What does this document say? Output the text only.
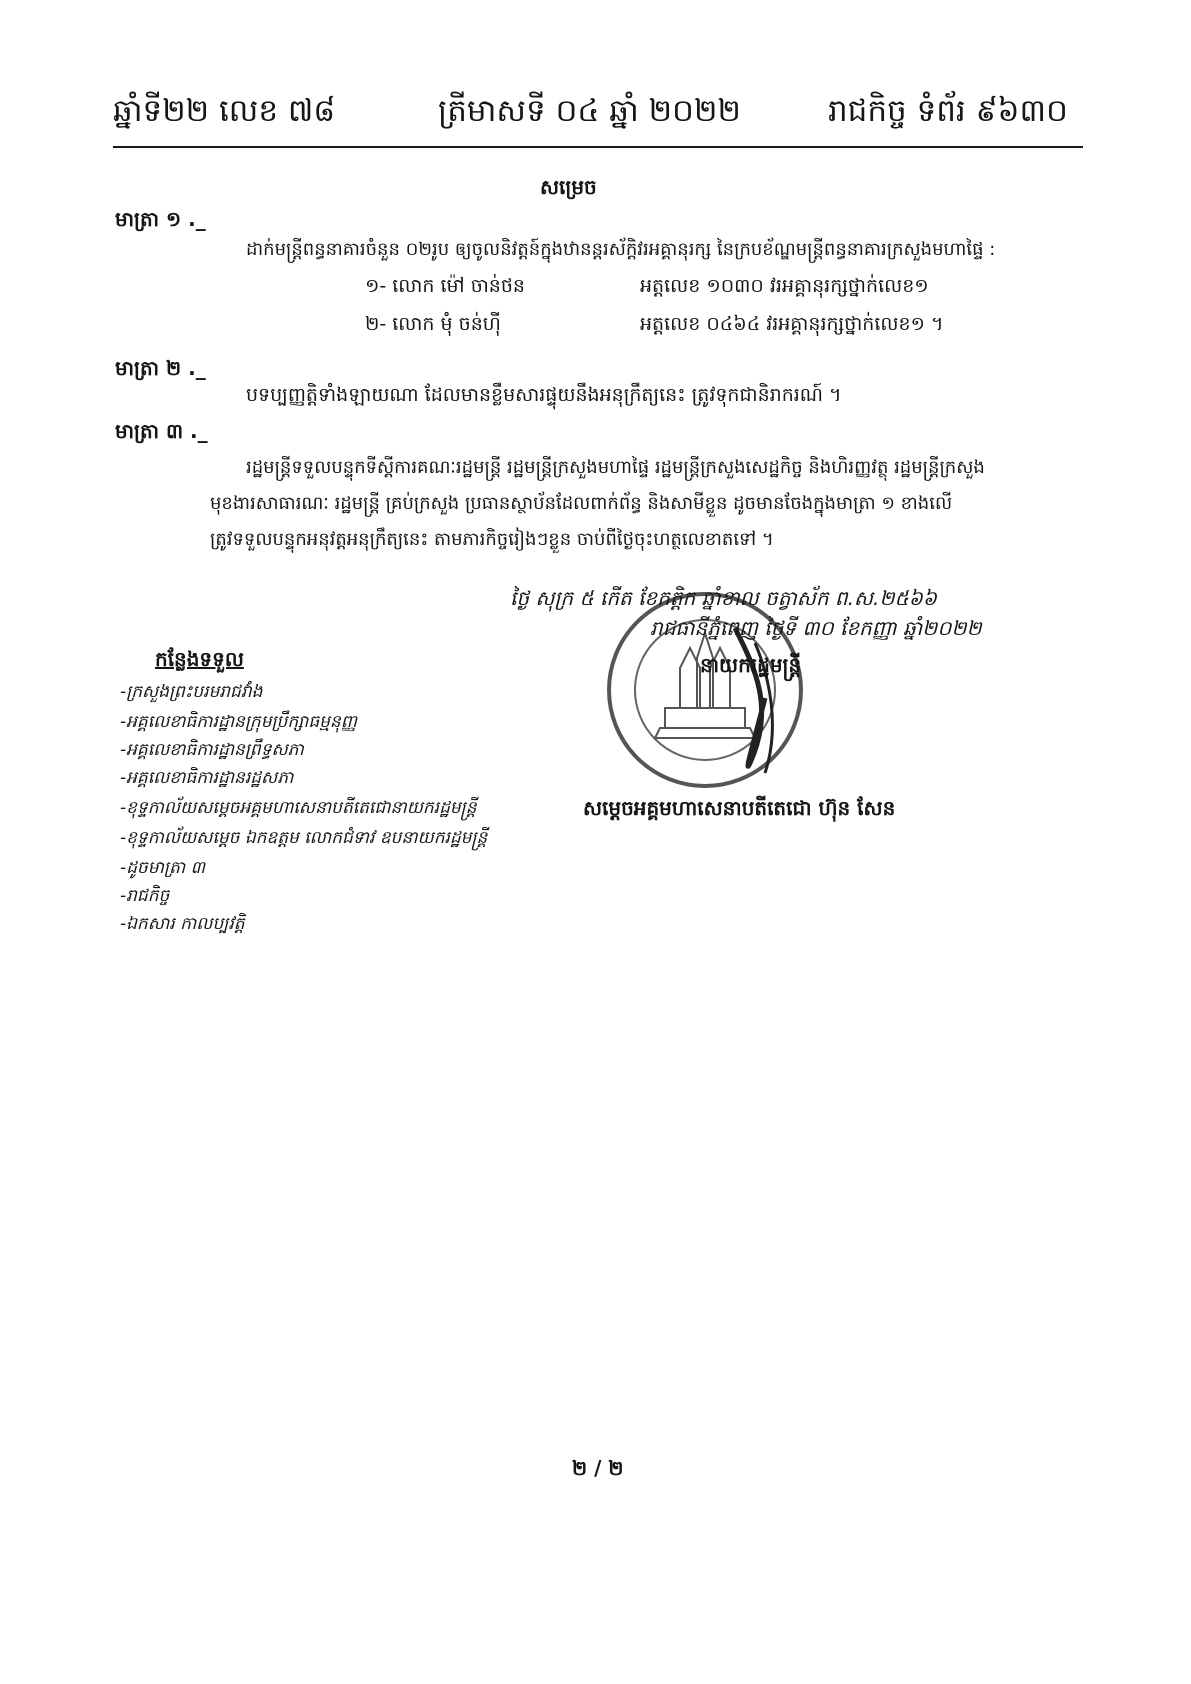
ឆ្នាំទី២២ លេខ ៧៨	ត្រីមាសទី ០៤ ឆ្នាំ ២០២២	រាជកិច្ច ទំព័រ ៩៦៣០
សម្រេច
មាត្រា ១ ._
ដាក់មន្ត្រីពន្ធនាគារចំនួន ០២រូប ឲ្យចូលនិវត្តន៍ក្នុងឋានន្តរស័ក្តិវរអគ្គានុរក្ស នៃក្របខ័ណ្ឌមន្ត្រីពន្ធនាគារក្រសួងមហាផ្ទៃ :
១- លោក ម៉ៅ ចាន់ថន	អត្តលេខ ១០៣០ វរអគ្គានុរក្សថ្នាក់លេខ១
២- លោក មុំ ចន់ហ៊ី	អត្តលេខ ០៤៦៤ វរអគ្គានុរក្សថ្នាក់លេខ១ ។
មាត្រា ២ ._
បទប្បញ្ញត្តិទាំងឡាយណា ដែលមានខ្លឹមសារផ្ទុយនឹងអនុក្រឹត្យនេះ ត្រូវទុកជានិរាករណ៍ ។
មាត្រា ៣ ._
រដ្ឋមន្ត្រីទទួលបន្ទុកទីស្តីការគណៈរដ្ឋមន្ត្រី រដ្ឋមន្ត្រីក្រសួងមហាផ្ទៃ រដ្ឋមន្ត្រីក្រសួងសេដ្ឋកិច្ច និងហិរញ្ញវត្ថុ រដ្ឋមន្ត្រីក្រសួង
មុខងារសាធារណៈ រដ្ឋមន្ត្រី គ្រប់ក្រសួង ប្រធានស្ថាប័នដែលពាក់ព័ន្ធ និងសាមីខ្លួន ដូចមានចែងក្នុងមាត្រា ១ ខាងលើ
ត្រូវទទួលបន្ទុកអនុវត្តអនុក្រឹត្យនេះ តាមភារកិច្ចរៀងៗខ្លួន ចាប់ពីថ្ងៃចុះហត្ថលេខាតទៅ ។
ថ្ងៃ សុក្រ ៥ កើត ខែកត្តិក ឆ្នាំខាល ចត្វាស័ក ព.ស.២៥៦៦
រាជធានីភ្នំពេញ ថ្ងៃទី ៣០ ខែកញ្ញា ឆ្នាំ២០២២
នាយករដ្ឋមន្ត្រី
សម្តេចអគ្គមហាសេនាបតីតេជោ ហ៊ុន សែន
កន្លែងទទួល
-ក្រសួងព្រះបរមរាជវាំង
-អគ្គលេខាធិការដ្ឋានក្រុមប្រឹក្សាធម្មនុញ្ញ
-អគ្គលេខាធិការដ្ឋានព្រឹទ្ធសភា
-អគ្គលេខាធិការដ្ឋានរដ្ឋសភា
-ខុទ្ទកាល័យសម្តេចអគ្គមហាសេនាបតីតេជោនាយករដ្ឋមន្ត្រី
-ខុទ្ទកាល័យសម្តេច ឯកឧត្តម លោកជំទាវ ឧបនាយករដ្ឋមន្ត្រី
-ដូចមាត្រា ៣
-រាជកិច្ច
-ឯកសារ កាលប្បវត្តិ
២ / ២
